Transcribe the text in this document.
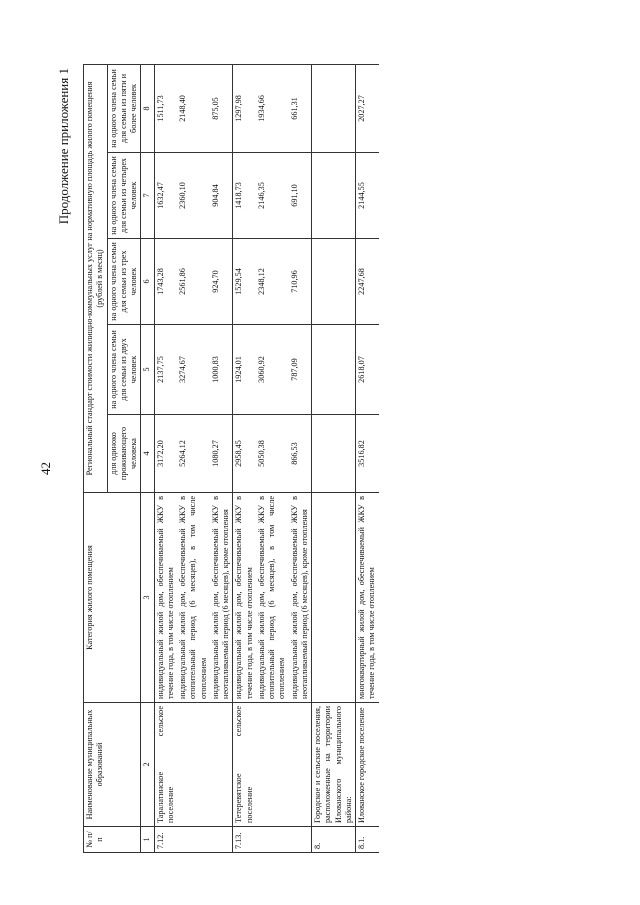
42
Продолжение приложения 1
№ п/п	Наименование муниципальных образований	Категория жилого помещения	Региональный стандарт стоимости жилищно-коммунальных услуг на нормативную площадь жилого помещения (рублей в месяц)				
			для одиноко проживающего человека	на одного члена семьи для семьи из двух человек	на одного члена семьи для семьи из трех человек	на одного члена семьи для семьи из четырех человек	на одного члена семьи для семьи из пяти и более человек
1	2	3	4	5	6	7	8
7.12.	Таралатинское сельское поселение	индивидуальный жилой дом, обеспечиваемый ЖКУ в течение года, в том числе отоплением	3172,20	2137,75	1743,28	1632,47	1511,73
		индивидуальный жилой дом, обеспечиваемый ЖКУ в отопительный период (6 месяцев), в том числе отоплением	5264,12	3274,67	2561,86	2360,10	2148,40
		индивидуальный жилой дом, обеспечиваемый ЖКУ в неотапливаемый период (6 месяцев), кроме отопления	1080,27	1000,83	924,70	904,84	875,05
7.13.	Тетеревятское сельское поселение	индивидуальный жилой дом, обеспечиваемый ЖКУ в течение года, в том числе отоплением	2958,45	1924,01	1529,54	1418,73	1297,98
		индивидуальный жилой дом, обеспечиваемый ЖКУ в отопительный период (6 месяцев), в том числе отоплением	5050,38	3060,92	2348,12	2146,35	1934,66
		индивидуальный жилой дом, обеспечиваемый ЖКУ в неотапливаемый период (6 месяцев), кроме отопления	866,53	787,09	710,96	691,10	661,31
8.	Городское и сельские поселения, расположенные на территории Илованского муниципального района:						
8.1.	Илованское городское поселение	многоквартирный жилой дом, обеспечиваемый ЖКУ в течение года, в том числе отоплением	3516,82	2618,07	2247,68	2144,55	2027,27
